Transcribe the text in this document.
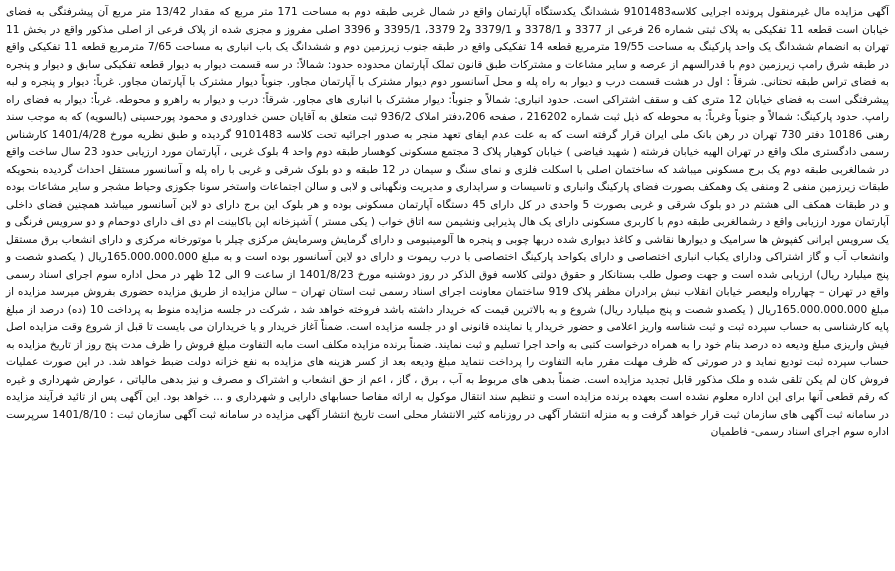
آگهی مزایده مال غیرمنقول پرونده اجرایی کلاسه9101483 ششدانگ یکدستگاه آپارتمان واقع در شمال غربی طبقه دوم به مساحت 171 متر مربع که مقدار 13/42 متر مربع آن پیشرفتگی به فضای خیابان است قطعه 11 تفکیکی به پلاک ثبتی شماره 26 فرعی از 3377 و 3378/1 و 3379/1 و2 3379، 3395/1 و 3396 اصلی مفروز و مجزی شده از پلاک فرعی از اصلی مذکور واقع در بخش 11 تهران به انضمام ششدانگ یک واحد پارکینگ به مساحت 19/55 مترمربع قطعه 14 تفکیکی واقع در طبقه جنوب زیرزمین دوم و ششدانگ یک باب انباری به مساحت 7/65 مترمربع قطعه 11 تفکیکی واقع در طبقه شرق رامپ زیرزمین دوم با قدرالسهم از عرصه و سایر مشاعات و مشترکات طبق قانون تملک آپارتمان محدوده حدود: شمالاً: در سه قسمت دیوار به دیوار قطعه تفکیکی سابق و دیوار و پنجره به فضای تراس طبقه تحتانی. شرقاً : اول در هشت قسمت درب و دیوار به راه پله و محل آسانسور دوم دیوار مشترک با آپارتمان مجاور. جنوباً دیوار مشترک با آپارتمان مجاور. غرباً: دیوار و پنجره و لبه پیشرفتگی است به فضای خیابان 12 متری کف و سقف اشتراکی است. حدود انباری: شمالاً و جنوباً: دیوار مشترک با انباری های مجاور. شرقاً: درب و دیوار به راهرو و محوطه. غرباً: دیوار به فضای راه رامپ. حدود پارکینگ: شمالاً و جنوباً وغرباً: به محوطه که ذیل ثبت شماره 216202 ، صفحه 206،دفتر املاک 936/2 ثبت متعلق به آقایان حسن خداوردی و محمود پورحسینی (بالسویه) که به موجب سند رهنی 10186 دفتر 730 تهران در رهن بانک ملی ایران قرار گرفته است که به علت عدم ایفای تعهد منجر به صدور اجرائیه تحت کلاسه 9101483 گردیده و طبق نظریه مورخ 1401/4/28 کارشناس رسمی دادگستری ملک واقع در تهران الهیه خیابان فرشته ( شهید فیاضی ) خیابان کوهیار پلاک 3 مجتمع مسکونی کوهسار طبقه دوم واحد 4 بلوک غربی ، آپارتمان مورد ارزیابی حدود 23 سال ساخت واقع در شمالغربی طبقه دوم یک برج مسکونی میباشد که ساختمان اصلی با اسکلت فلزی و نمای سنگ و سیمان در 12 طبقه و دو بلوک شرقی و غربی با راه پله و آسانسور مستقل احداث گردیده بنحویکه طبقات زیرزمین منفی 2 ومنفی یک وهمکف بصورت فضای پارکینگ وانباری و تاسیسات و سرایداری و مدیریت ونگهبانی و لابی و سالن اجتماعات واستخر سونا جکوزی وحیاط مشجر و سایر مشاعات بوده و در طبقات همکف الی هشتم در دو بلوک شرقی و غربی بصورت 5 واحدی در کل دارای 45 دستگاه آپارتمان مسکونی بوده و هر بلوک این برج دارای دو لاین آسانسور میباشد همچنین فضای داخلی آپارتمان مورد ارزیابی واقع د رشمالغربی طبقه دوم با کاربری مسکونی دارای یک هال پذیرایی ونشیمن سه اتاق خواب ( یکی مستر ) آشپزخانه اپن باکابینت ام دی اف دارای دوحمام و دو سرویس فرنگی و یک سرویس ایرانی کفپوش ها سرامیک و دیوارها نقاشی و کاغذ دیواری شده دربها چوبی و پنجره ها آلومینیومی و دارای گرمایش وسرمایش مرکزی چیلر با موتورخانه مرکزی و دارای انشعاب برق مستقل وانشعاب آب و گاز اشتراکی ودارای یکباب انباری اختصاصی و دارای یکواحد پارکینگ اختصاصی با درب ریموت و دارای دو لاین آسانسور بوده است و به مبلغ 165.000.000.000ریال ( یکصدو شصت و پنج میلیارد ریال) ارزیابی شده است و جهت وصول طلب بستانکار و حقوق دولتی کلاسه فوق الذکر در روز دوشنبه مورخ 1401/8/23 از ساعت 9 الی 12 ظهر در محل اداره سوم اجرای اسناد رسمی واقع در تهران – چهارراه ولیعصر خیابان انقلاب نبش برادران مظفر پلاک 919 ساختمان معاونت اجرای اسناد رسمی ثبت استان تهران – سالن مزایده از طریق مزایده حضوری بفروش میرسد مزایده از مبلغ 165.000.000.000ریال ( یکصدو شصت و پنج میلیارد ریال) شروع و به بالاترین قیمت که خریدار داشته باشد فروخته خواهد شد ، شرکت در جلسه مزایده منوط به پرداخت 10 (ده) درصد از مبلغ پایه کارشناسی به حساب سپرده ثبت و ثبت شناسه واریز اعلامی و حضور خریدار یا نماینده قانونی او در جلسه مزایده است. ضمناً آغاز خریدار و یا خریداران می بایست تا قبل از شروع وقت مزایده اصل فیش واریزی مبلغ ودیعه ده درصد بنام خود را به همراه درخواست کتبی به واحد اجرا تسلیم و ثبت نمایند. ضمناً برنده مزایده مکلف است مابه التفاوت مبلغ فروش را ظرف مدت پنج روز از تاریخ مزایده به حساب سپرده ثبت تودیع نماید و در صورتی که ظرف مهلت مقرر مابه التفاوت را پرداخت ننماید مبلغ ودیعه بعد از کسر هزینه های مزایده به نفع خزانه دولت ضبط خواهد شد. در این صورت عملیات فروش کان لم یکن تلقی شده و ملک مذکور قابل تجدید مزایده است. ضمناً بدهی های مربوط به آب ، برق ، گاز ، اعم از حق انشعاب و اشتراک و مصرف و نیز بدهی مالیاتی ، عوارض شهرداری و غیره که رقم قطعی آنها برای این اداره معلوم نشده است بعهده برنده مزایده است و تنظیم سند انتقال موکول به ارائه مفاصا حسابهای دارایی و شهرداری و ... خواهد بود. این آگهی پس از تائید فرآیند مزایده در سامانه ثبت آگهی های سازمان ثبت قرار خواهد گرفت و به منزله انتشار آگهی در روزنامه کثیر الانتشار محلی است تاریخ انتشار آگهی مزایده در سامانه ثبت آگهی سازمان ثبت : 1401/8/10 سرپرست اداره سوم اجرای اسناد رسمی- فاطمیان
